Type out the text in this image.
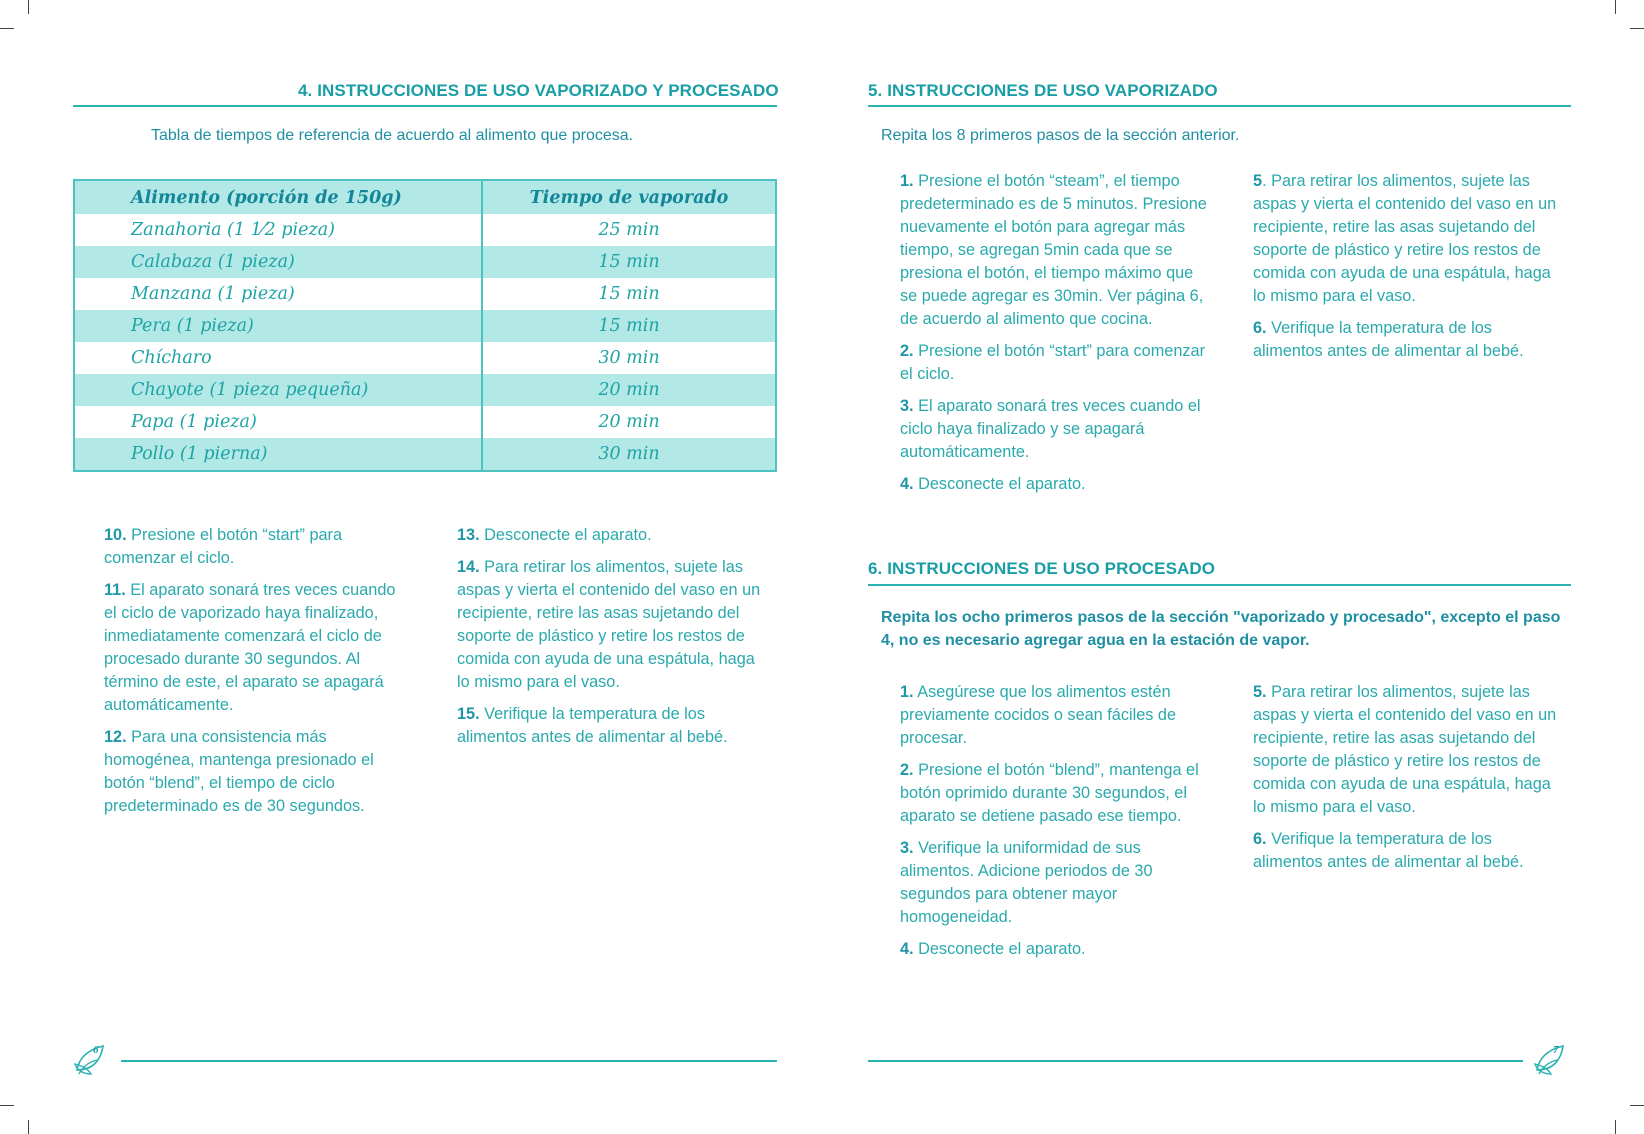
4. INSTRUCCIONES DE USO VAPORIZADO Y PROCESADO
Tabla de tiempos de referencia de acuerdo al alimento que procesa.
Alimento (porción de 150g)	Tiempo de vaporado
Zanahoria (1 1⁄2 pieza)	25 min
Calabaza (1 pieza)	15 min
Manzana (1 pieza)	15 min
Pera (1 pieza)	15 min
Chícharo	30 min
Chayote (1 pieza pequeña)	20 min
Papa (1 pieza)	20 min
Pollo (1 pierna)	30 min

10. Presione el botón “start” para comenzar el ciclo.

11. El aparato sonará tres veces cuando el ciclo de vaporizado haya finalizado, inmediatamente comenzará el ciclo de procesado durante 30 segundos. Al término de este, el aparato se apagará automáticamente.

12. Para una consistencia más homogénea, mantenga presionado el botón “blend”, el tiempo de ciclo predeterminado es de 30 segundos.

13. Desconecte el aparato.

14. Para retirar los alimentos, sujete las aspas y vierta el contenido del vaso en un recipiente, retire las asas sujetando del soporte de plástico y retire los restos de comida con ayuda de una espátula, haga lo mismo para el vaso.

15. Verifique la temperatura de los alimentos antes de alimentar al bebé.

6
5. INSTRUCCIONES DE USO VAPORIZADO
Repita los 8 primeros pasos de la sección anterior.

1. Presione el botón “steam”, el tiempo predeterminado es de 5 minutos. Presione nuevamente el botón para agregar más tiempo, se agregan 5min cada que se presiona el botón, el tiempo máximo que se puede agregar es 30min. Ver página 6, de acuerdo al alimento que cocina.

2. Presione el botón “start” para comenzar el ciclo.

3. El aparato sonará tres veces cuando el ciclo haya finalizado y se apagará automáticamente.

4. Desconecte el aparato.

5. Para retirar los alimentos, sujete las aspas y vierta el contenido del vaso en un recipiente, retire las asas sujetando del soporte de plástico y retire los restos de comida con ayuda de una espátula, haga lo mismo para el vaso.

6. Verifique la temperatura de los alimentos antes de alimentar al bebé.

6. INSTRUCCIONES DE USO PROCESADO
Repita los ocho primeros pasos de la sección "vaporizado y procesado", excepto el paso 4, no es necesario agregar agua en la estación de vapor.

1. Asegúrese que los alimentos estén previamente cocidos o sean fáciles de procesar.

2. Presione el botón “blend”, mantenga el botón oprimido durante 30 segundos, el aparato se detiene pasado ese tiempo.

3. Verifique la uniformidad de sus alimentos. Adicione periodos de 30 segundos para obtener mayor homogeneidad.

4. Desconecte el aparato.

5. Para retirar los alimentos, sujete las aspas y vierta el contenido del vaso en un recipiente, retire las asas sujetando del soporte de plástico y retire los restos de comida con ayuda de una espátula, haga lo mismo para el vaso.

6. Verifique la temperatura de los alimentos antes de alimentar al bebé.

7
